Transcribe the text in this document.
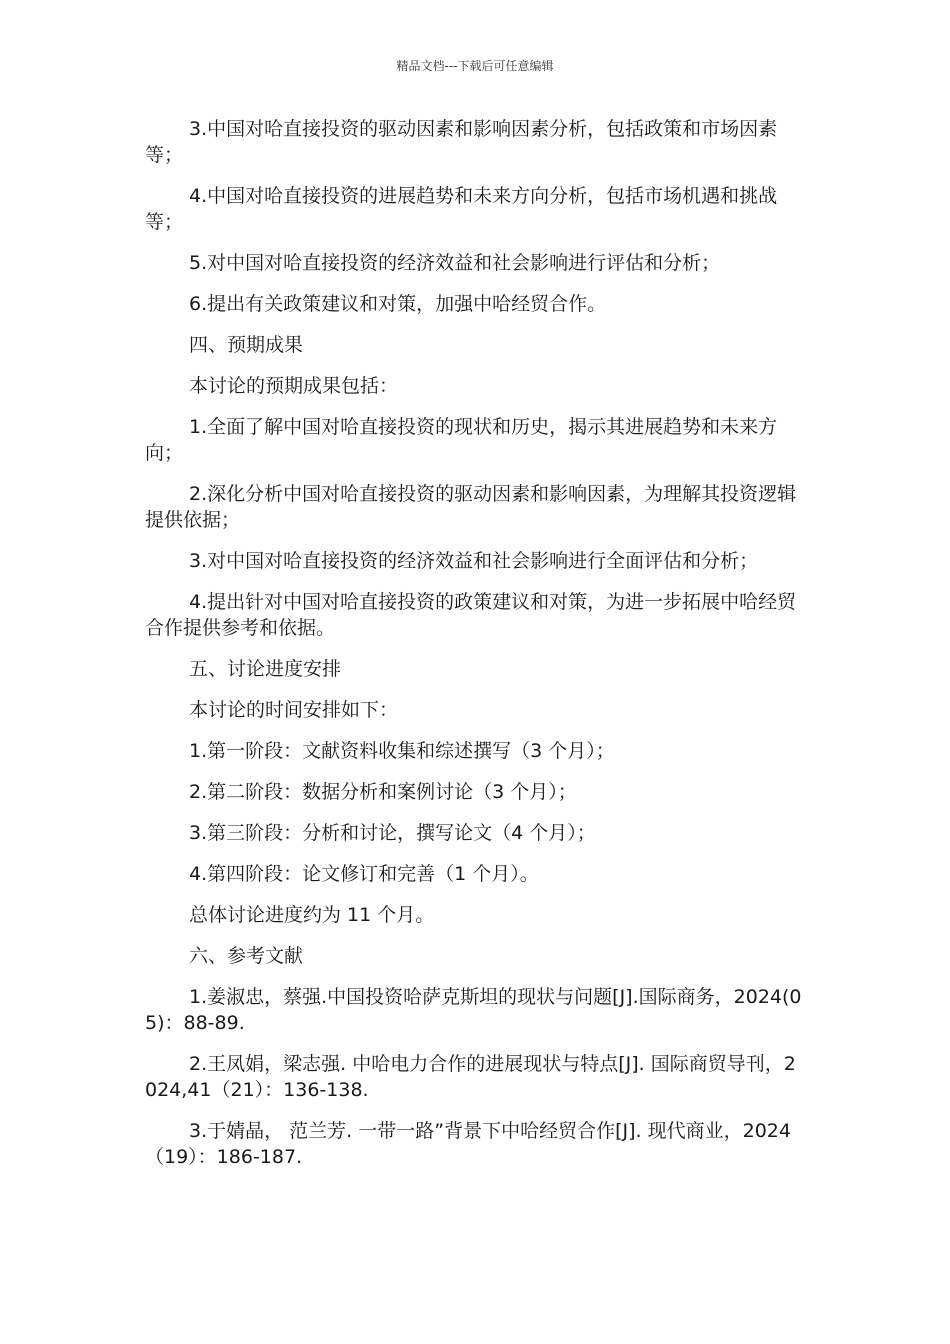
精品文档---下载后可任意编辑

3.中国对哈直接投资的驱动因素和影响因素分析，包括政策和市场因素等；

4.中国对哈直接投资的进展趋势和未来方向分析，包括市场机遇和挑战等；

5.对中国对哈直接投资的经济效益和社会影响进行评估和分析；

6.提出有关政策建议和对策，加强中哈经贸合作。

四、预期成果

本讨论的预期成果包括：

1.全面了解中国对哈直接投资的现状和历史，揭示其进展趋势和未来方向；

2.深化分析中国对哈直接投资的驱动因素和影响因素，为理解其投资逻辑提供依据；

3.对中国对哈直接投资的经济效益和社会影响进行全面评估和分析；

4.提出针对中国对哈直接投资的政策建议和对策，为进一步拓展中哈经贸合作提供参考和依据。

五、讨论进度安排

本讨论的时间安排如下：

1.第一阶段：文献资料收集和综述撰写（3 个月）；

2.第二阶段：数据分析和案例讨论（3 个月）；

3.第三阶段：分析和讨论，撰写论文（4 个月）；

4.第四阶段：论文修订和完善（1 个月）。

总体讨论进度约为 11 个月。

六、参考文献

1.姜淑忠，蔡强.中国投资哈萨克斯坦的现状与问题[J].国际商务，2024(05)：88-89.

2.王凤娟，梁志强. 中哈电力合作的进展现状与特点[J]. 国际商贸导刊，2024,41（21）：136-138.

3.于婧晶， 范兰芳. 一带一路”背景下中哈经贸合作[J]. 现代商业，2024（19）：186-187.
